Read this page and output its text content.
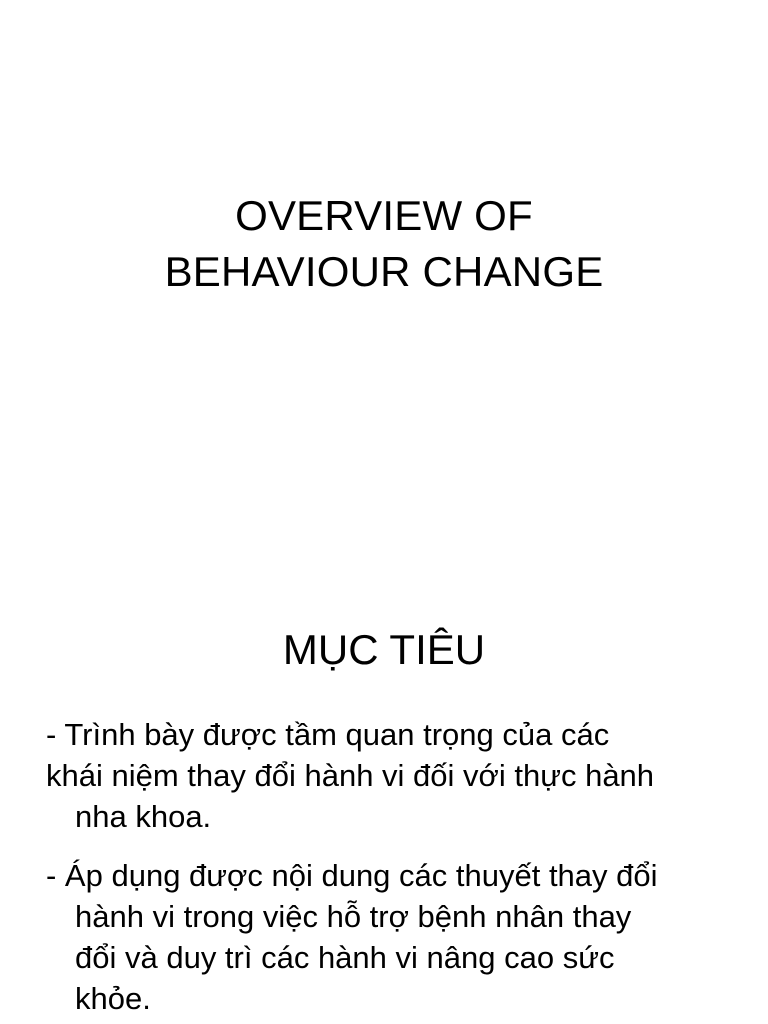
OVERVIEW OF
BEHAVIOUR CHANGE
MỤC TIÊU
- Trình bày được tầm quan trọng của các
khái niệm thay đổi hành vi đối với thực hành
nha khoa.
- Áp dụng được nội dung các thuyết thay đổi
hành vi trong việc hỗ trợ bệnh nhân thay
đổi và duy trì các hành vi nâng cao sức
khỏe.
